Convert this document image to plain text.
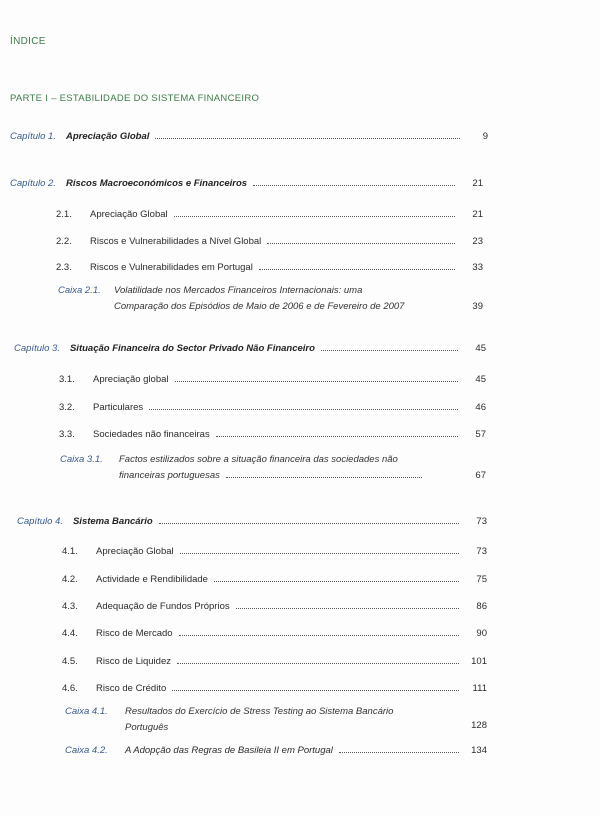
ÍNDICE
PARTE I – ESTABILIDADE DO SISTEMA FINANCEIRO
Capítulo 1. Apreciação Global	9
Capítulo 2. Riscos Macroeconómicos e Financeiros	21
2.1. Apreciação Global	21
2.2. Riscos e Vulnerabilidades a Nível Global	23
2.3. Riscos e Vulnerabilidades em Portugal	33
Caixa 2.1. Volatilidade nos Mercados Financeiros Internacionais: uma
Comparação dos Episódios de Maio de 2006 e de Fevereiro de 2007	39
Capítulo 3. Situação Financeira do Sector Privado Não Financeiro	45
3.1. Apreciação global	45
3.2. Particulares	46
3.3. Sociedades não financeiras	57
Caixa 3.1. Factos estilizados sobre a situação financeira das sociedades não
financeiras portuguesas	67
Capítulo 4. Sistema Bancário	73
4.1. Apreciação Global	73
4.2. Actividade e Rendibilidade	75
4.3. Adequação de Fundos Próprios	86
4.4. Risco de Mercado	90
4.5. Risco de Liquidez	101
4.6. Risco de Crédito	111
Caixa 4.1. Resultados do Exercício de Stress Testing ao Sistema Bancário
Português	128
Caixa 4.2. A Adopção das Regras de Basileia II em Portugal	134
